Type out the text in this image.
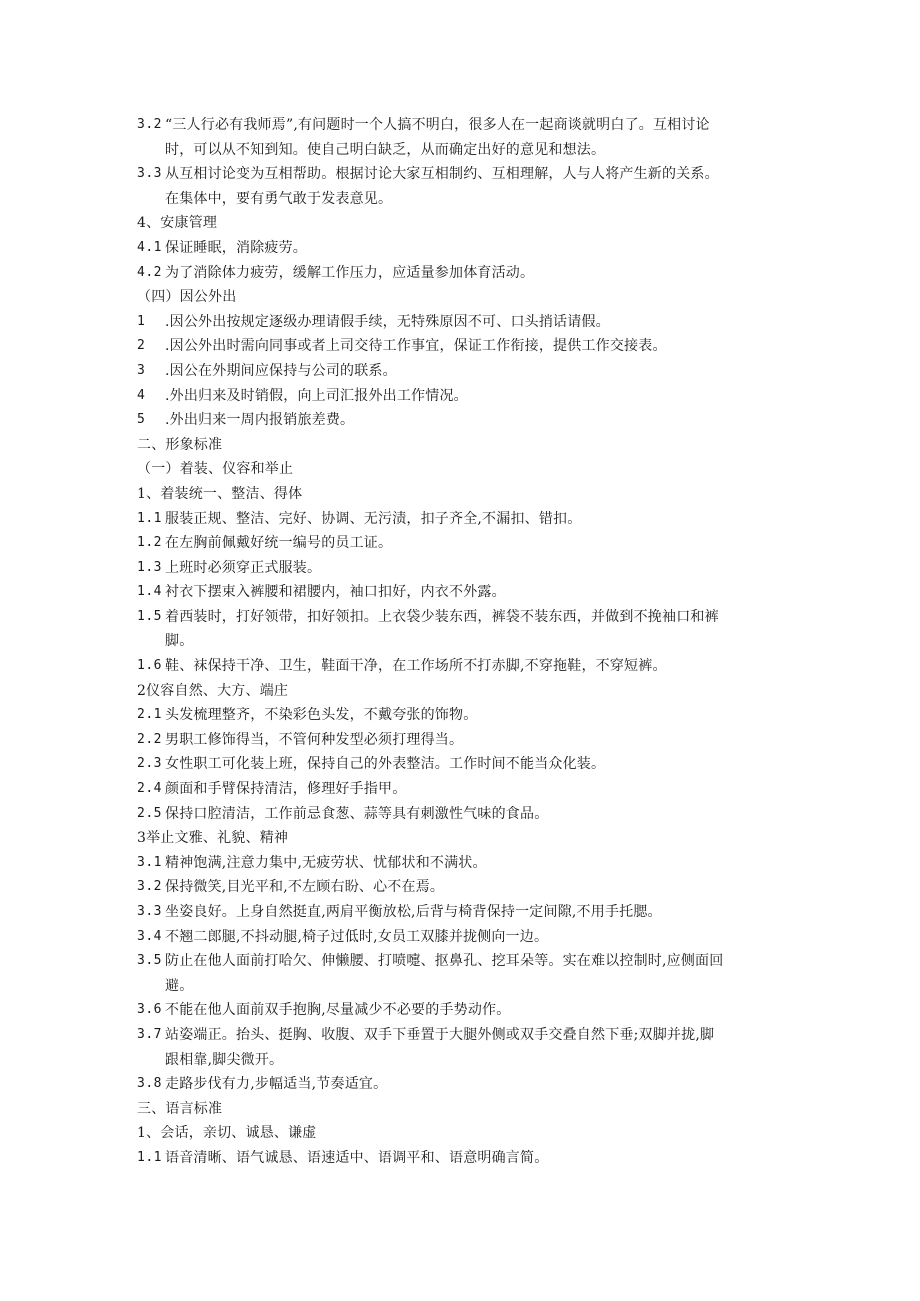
3.2 “三人行必有我师焉”,有问题时一个人搞不明白，很多人在一起商谈就明白了。互相讨论
时，可以从不知到知。使自己明白缺乏，从而确定出好的意见和想法。
3.3 从互相讨论变为互相帮助。根据讨论大家互相制约、互相理解，人与人将产生新的关系。
在集体中，要有勇气敢于发表意见。
4、安康管理
4.1 保证睡眠，消除疲劳。
4.2 为了消除体力疲劳，缓解工作压力，应适量参加体育活动。
（四）因公外出
1	.因公外出按规定逐级办理请假手续，无特殊原因不可、口头捎话请假。
2	.因公外出时需向同事或者上司交待工作事宜，保证工作衔接，提供工作交接表。
3	.因公在外期间应保持与公司的联系。
4	.外出归来及时销假，向上司汇报外出工作情况。
5	.外出归来一周内报销旅差费。
二、形象标准
（一）着装、仪容和举止
1、着装统一、整洁、得体
1.1 服装正规、整洁、完好、协调、无污渍，扣子齐全,不漏扣、错扣。
1.2 在左胸前佩戴好统一编号的员工证。
1.3 上班时必须穿正式服装。
1.4 衬衣下摆束入裤腰和裙腰内，袖口扣好，内衣不外露。
1.5 着西装时，打好领带，扣好领扣。上衣袋少装东西，裤袋不装东西，并做到不挽袖口和裤
脚。
1.6 鞋、袜保持干净、卫生，鞋面干净，在工作场所不打赤脚,不穿拖鞋，不穿短裤。
2仪容自然、大方、端庄
2.1 头发梳理整齐，不染彩色头发，不戴夸张的饰物。
2.2 男职工修饰得当，不管何种发型必须打理得当。
2.3 女性职工可化装上班，保持自己的外表整洁。工作时间不能当众化装。
2.4 颜面和手臂保持清洁，修理好手指甲。
2.5 保持口腔清洁，工作前忌食葱、蒜等具有刺激性气味的食品。
3举止文雅、礼貌、精神
3.1 精神饱满,注意力集中,无疲劳状、忧郁状和不满状。
3.2 保持微笑,目光平和,不左顾右盼、心不在焉。
3.3 坐姿良好。上身自然挺直,两肩平衡放松,后背与椅背保持一定间隙,不用手托腮。
3.4 不翘二郎腿,不抖动腿,椅子过低时,女员工双膝并拢侧向一边。
3.5 防止在他人面前打哈欠、伸懒腰、打喷嚏、抠鼻孔、挖耳朵等。实在难以控制时,应侧面回
避。
3.6 不能在他人面前双手抱胸,尽量减少不必要的手势动作。
3.7 站姿端正。抬头、挺胸、收腹、双手下垂置于大腿外侧或双手交叠自然下垂;双脚并拢,脚
跟相靠,脚尖微开。
3.8 走路步伐有力,步幅适当,节奏适宜。
三、语言标准
1、会话，亲切、诚恳、谦虚
1.1 语音清晰、语气诚恳、语速适中、语调平和、语意明确言简。
